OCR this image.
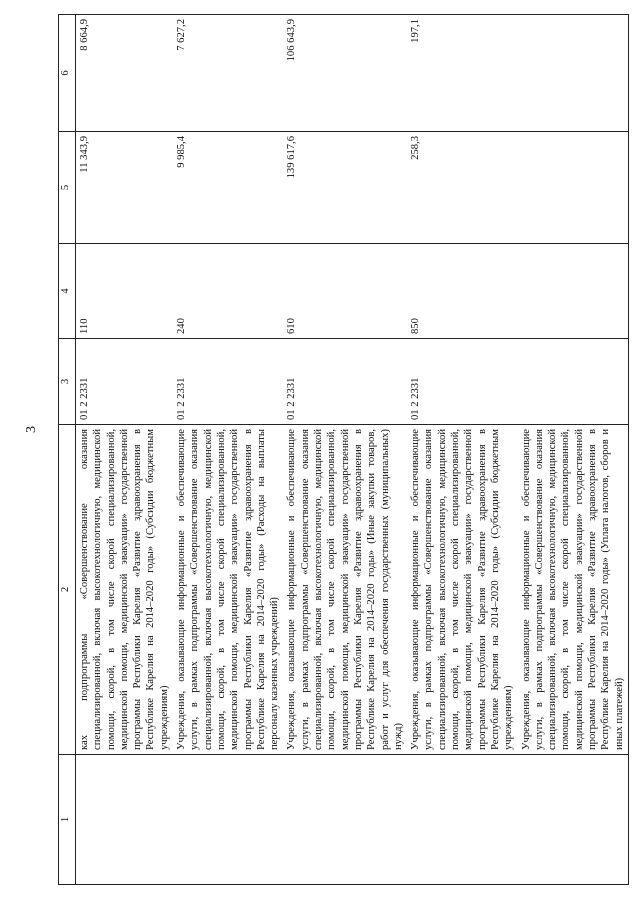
3
1	2	3	4	5	6
	ках подпрограммы «Совершенствование оказания специализированной, включая высокотехнологичную, медицинской помощи, скорой, в том числе скорой специализированной, медицинской помощи, медицинской эвакуации» государственной программы Республики Карелия «Развитие здравоохранения в Республике Карелия на 2014–2020 годы» (Субсидии бюджетным учреждениям)	01 2 2331	110	11 343,9	8 664,9
	Учреждения, оказывающие информационные и обеспечивающие услуги, в рамках подпрограммы «Совершенствование оказания специализированной, включая высокотехнологичную, медицинской помощи, скорой, в том числе скорой специализированной, медицинской помощи, медицинской эвакуации» государственной программы Республики Карелия «Развитие здравоохранения в Республике Карелия на 2014–2020 годы» (Расходы на выплаты персоналу казенных учреждений)	01 2 2331	240	9 985,4	7 627,2
	Учреждения, оказывающие информационные и обеспечивающие услуги, в рамках подпрограммы «Совершенствование оказания специализированной, включая высокотехнологичную, медицинской помощи, скорой, в том числе скорой специализированной, медицинской помощи, медицинской эвакуации» государственной программы Республики Карелия «Развитие здравоохранения в Республике Карелия на 2014–2020 годы» (Иные закупки товаров, работ и услуг для обеспечения государственных (муниципальных) нужд)	01 2 2331	610	139 617,6	106 643,9
	Учреждения, оказывающие информационные и обеспечивающие услуги, в рамках подпрограммы «Совершенствование оказания специализированной, включая высокотехнологичную, медицинской помощи, скорой, в том числе скорой специализированной, медицинской помощи, медицинской эвакуации» государственной программы Республики Карелия «Развитие здравоохранения в Республике Карелия на 2014–2020 годы» (Субсидии бюджетным учреждениям)	01 2 2331	850	258,3	197,1
	Учреждения, оказывающие информационные и обеспечивающие услуги, в рамках подпрограммы «Совершенствование оказания специализированной, включая высокотехнологичную, медицинской помощи, скорой, в том числе скорой специализированной, медицинской помощи, медицинской эвакуации» государственной программы Республики Карелия «Развитие здравоохранения в Республике Карелия на 2014–2020 годы» (Уплата налогов, сборов и иных платежей)				
